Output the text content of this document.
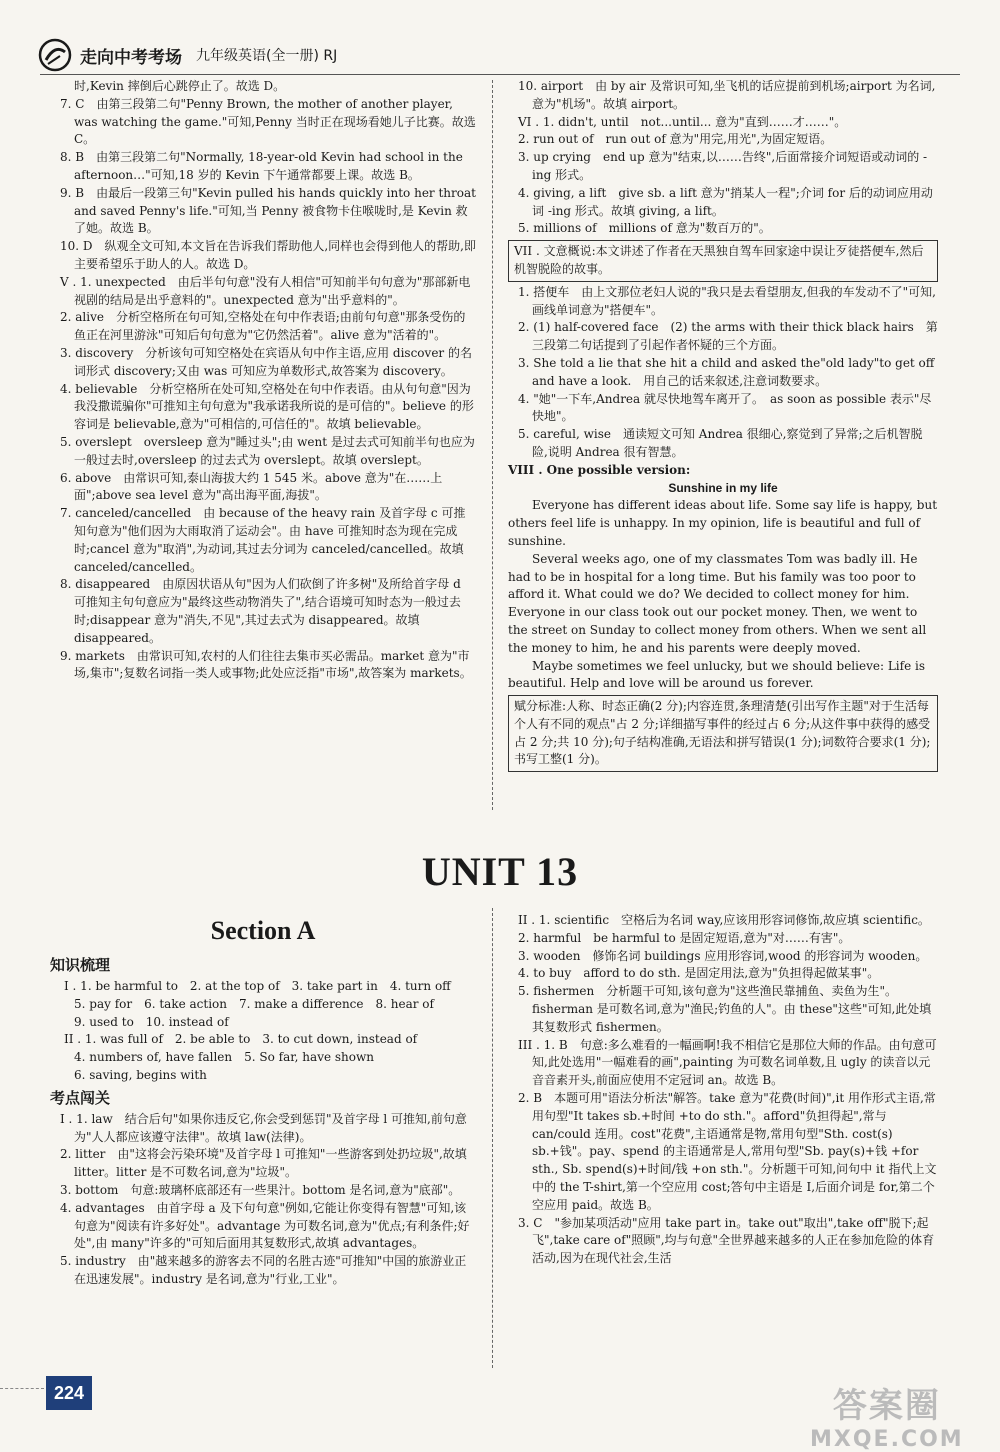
走向中考考场 九年级英语(全一册) RJ

时,Kevin 摔倒后心跳停止了。故选 D。

7. C　由第三段第二句"Penny Brown, the mother of another player, was watching the game."可知,Penny 当时正在现场看她儿子比赛。故选 C。

8. B　由第三段第二句"Normally, 18-year-old Kevin had school in the afternoon…"可知,18 岁的 Kevin 下午通常都要上课。故选 B。

9. B　由最后一段第三句"Kevin pulled his hands quickly into her throat and saved Penny's life."可知,当 Penny 被食物卡住喉咙时,是 Kevin 救了她。故选 B。

10. D　纵观全文可知,本文旨在告诉我们帮助他人,同样也会得到他人的帮助,即主要希望乐于助人的人。故选 D。

V . 1. unexpected　由后半句句意"没有人相信"可知前半句句意为"那部新电视剧的结局是出乎意料的"。unexpected 意为"出乎意料的"。

2. alive　分析空格所在句可知,空格处在句中作表语;由前句句意"那条受伤的鱼正在河里游泳"可知后句句意为"它仍然活着"。alive 意为"活着的"。

3. discovery　分析该句可知空格处在宾语从句中作主语,应用 discover 的名词形式 discovery;又由 was 可知应为单数形式,故答案为 discovery。

4. believable　分析空格所在处可知,空格处在句中作表语。由从句句意"因为我没撒谎骗你"可推知主句句意为"我承诺我所说的是可信的"。believe 的形容词是 believable,意为"可相信的,可信任的"。故填 believable。

5. overslept　oversleep 意为"睡过头";由 went 是过去式可知前半句也应为一般过去时,oversleep 的过去式为 overslept。故填 overslept。

6. above　由常识可知,泰山海拔大约 1 545 米。above 意为"在……上面";above sea level 意为"高出海平面,海拔"。

7. canceled/cancelled　由 because of the heavy rain 及首字母 c 可推知句意为"他们因为大雨取消了运动会"。由 have 可推知时态为现在完成时;cancel 意为"取消",为动词,其过去分词为 canceled/cancelled。故填 canceled/cancelled。

8. disappeared　由原因状语从句"因为人们砍倒了许多树"及所给首字母 d 可推知主句句意应为"最终这些动物消失了",结合语境可知时态为一般过去时;disappear 意为"消失,不见",其过去式为 disappeared。故填 disappeared。

9. markets　由常识可知,农村的人们往往去集市买必需品。market 意为"市场,集市";复数名词指一类人或事物;此处应泛指"市场",故答案为 markets。

10. airport　由 by air 及常识可知,坐飞机的话应提前到机场;airport 为名词,意为"机场"。故填 airport。

VI . 1. didn't, until　not...until... 意为"直到……才……"。

2. run out of　run out of 意为"用完,用光",为固定短语。

3. up crying　end up 意为"结束,以……告终",后面常接介词短语或动词的 -ing 形式。

4. giving, a lift　give sb. a lift 意为"捎某人一程";介词 for 后的动词应用动词 -ing 形式。故填 giving, a lift。

5. millions of　millions of 意为"数百万的"。

VII . 文意概说:本文讲述了作者在天黑独自驾车回家途中误让歹徒搭便车,然后机智脱险的故事。

1. 搭便车　由上文那位老妇人说的"我只是去看望朋友,但我的车发动不了"可知,画线单词意为"搭便车"。

2. (1) half-covered face　(2) the arms with their thick black hairs　第三段第二句话提到了引起作者怀疑的三个方面。

3. She told a lie that she hit a child and asked the"old lady"to get off and have a look.　用自己的话来叙述,注意词数要求。

4. "她"一下车,Andrea 就尽快地驾车离开了。　as soon as possible 表示"尽快地"。

5. careful, wise　通读短文可知 Andrea 很细心,察觉到了异常;之后机智脱险,说明 Andrea 很有智慧。

VIII . One possible version:

Sunshine in my life

Everyone has different ideas about life. Some say life is happy, but others feel life is unhappy. In my opinion, life is beautiful and full of sunshine.

Several weeks ago, one of my classmates Tom was badly ill. He had to be in hospital for a long time. But his family was too poor to afford it. What could we do? We decided to collect money for him. Everyone in our class took out our pocket money. Then, we went to the street on Sunday to collect money from others. When we sent all the money to him, he and his parents were deeply moved.

Maybe sometimes we feel unlucky, but we should believe: Life is beautiful. Help and love will be around us forever.

赋分标准:人称、时态正确(2 分);内容连贯,条理清楚(引出写作主题"对于生活每个人有不同的观点"占 2 分;详细描写事件的经过占 6 分;从这件事中获得的感受占 2 分;共 10 分);句子结构准确,无语法和拼写错误(1 分);词数符合要求(1 分);书写工整(1 分)。

UNIT 13
Section A
知识梳理

I . 1. be harmful to　2. at the top of　3. take part in　4. turn off

5. pay for　6. take action　7. make a difference　8. hear of

9. used to　10. instead of

II . 1. was full of　2. be able to　3. to cut down, instead of

4. numbers of, have fallen　5. So far, have shown

6. saving, begins with

考点闯关

I . 1. law　结合后句"如果你违反它,你会受到惩罚"及首字母 l 可推知,前句意为"人人都应该遵守法律"。故填 law(法律)。

2. litter　由"这将会污染环境"及首字母 l 可推知"一些游客到处扔垃圾",故填 litter。litter 是不可数名词,意为"垃圾"。

3. bottom　句意:玻璃杯底部还有一些果汁。bottom 是名词,意为"底部"。

4. advantages　由首字母 a 及下句句意"例如,它能让你变得有智慧"可知,该句意为"阅读有许多好处"。advantage 为可数名词,意为"优点;有利条件;好处",由 many"许多的"可知后面用其复数形式,故填 advantages。

5. industry　由"越来越多的游客去不同的名胜古迹"可推知"中国的旅游业正在迅速发展"。industry 是名词,意为"行业,工业"。

II . 1. scientific　空格后为名词 way,应该用形容词修饰,故应填 scientific。

2. harmful　be harmful to 是固定短语,意为"对……有害"。

3. wooden　修饰名词 buildings 应用形容词,wood 的形容词为 wooden。

4. to buy　afford to do sth. 是固定用法,意为"负担得起做某事"。

5. fishermen　分析题干可知,该句意为"这些渔民靠捕鱼、卖鱼为生"。fisherman 是可数名词,意为"渔民;钓鱼的人"。由 these"这些"可知,此处填其复数形式 fishermen。

III . 1. B　句意:多么难看的一幅画啊!我不相信它是那位大师的作品。由句意可知,此处选用"一幅难看的画",painting 为可数名词单数,且 ugly 的读音以元音音素开头,前面应使用不定冠词 an。故选 B。

2. B　本题可用"语法分析法"解答。take 意为"花费(时间)",it 用作形式主语,常用句型"It takes sb.+时间 +to do sth."。afford"负担得起",常与 can/could 连用。cost"花费",主语通常是物,常用句型"Sth. cost(s) sb.+钱"。pay、spend 的主语通常是人,常用句型"Sb. pay(s)+钱 +for sth., Sb. spend(s)+时间/钱 +on sth."。分析题干可知,问句中 it 指代上文中的 the T-shirt,第一个空应用 cost;答句中主语是 I,后面介词是 for,第二个空应用 paid。故选 B。

3. C　"参加某项活动"应用 take part in。take out"取出",take off"脱下;起飞",take care of"照顾",均与句意"全世界越来越多的人正在参加危险的体育活动,因为在现代社会,生活

224	答案圈
MXQE.COM
